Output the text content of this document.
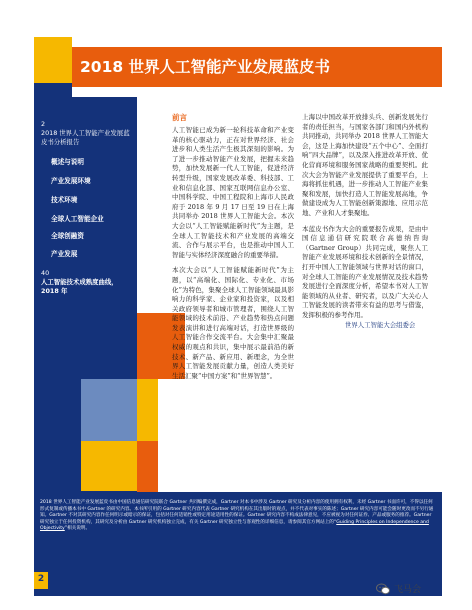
2018 世界人工智能产业发展蓝皮书
2
2018 世界人工智能产业发展蓝皮书分析报告
概述与说明
产业发展环境
技术环境
全球人工智能企业
全球创融资
产业发展
40
人工智能技术成熟度曲线，2018 年
前言
人工智能已成为新一轮科技革命和产业变革的核心驱动力，正在对世界经济、社会进步和人类生活产生极其深刻的影响。为了进一步推动智能产业发展，把握未来趋势，加快发展新一代人工智能，促进经济转型升级，国家发展改革委、科技部、工业和信息化部、国家互联网信息办公室、中国科学院、中国工程院和上海市人民政府于 2018 年 9 月 17 日至 19 日在上海共同举办 2018 世界人工智能大会。本次大会以“人工智能赋能新时代”为主题，是全球人工智能技术和产业发展的高端交流、合作与展示平台，也是推动中国人工智能与实体经济深度融合的重要举措。
本次大会以“人工智能赋能新时代”为主题，以“高端化、国际化、专业化、市场化”为特色，集聚全球人工智能领域最具影响力的科学家、企业家和投资家，以及相关政府领导者和城市管理者，围绕人工智能领域的技术前沿、产业趋势和热点问题发表演讲和进行高端对话，打造世界级的人工智能合作交流平台。大会集中汇聚最权威的观点和共识，集中展示最前沿的新技术、新产品、新应用、新理念，为全世界人工智能发展贡献力量，创造人类美好生活汇聚“中国方案”和“世界智慧”。
上海以中国改革开放排头兵、创新发展先行者的责任担当，与国家各部门和国内外机构共同推动，共同举办 2018 世界人工智能大会，这是上海加快建设“五个中心”、全面打响“四大品牌”，以及深入推进改革开放、优化营商环境和服务国家战略的重要契机。此次大会为智能产业发展提供了重要平台，上海将抓住机遇，进一步推动人工智能产业集聚和发展，加快打造人工智能发展高地，争做建设成为人工智能创新策源地、应用示范地、产业和人才集聚地。
本蓝皮书作为大会的重要报告成果，是由中国信息通信研究院联合高德纳咨询（Gartner Group）共同完成，聚焦人工智能产业发展环境和技术创新的全景情况，打开中国人工智能领域与世界对话的窗口，对全球人工智能的产业发展情况及技术趋势发展进行全面深度分析，希望本书对人工智能领域的从业者、研究者，以及广大关心人工智能发展的读者带来有益的思考与借鉴，发挥积极的参考作用。
世界人工智能大会组委会
2018 世界人工智能产业发展蓝皮书由中国信息通信研究院联合 Gartner 共同编撰完成，Gartner 对本书中涉及 Gartner 研究及分析内容的使用拥有权利，未经 Gartner 书面许可，不得以任何形式复制或传播本书中 Gartner 的研究内容。本书所引用的 Gartner 研究内容代表 Gartner 研究机构在其出版时的观点，并不代表对事实的陈述；Gartner 研究内容可能会随时更改而不另行通知。Gartner 不对其研究内容作任何明示或暗示的保证，包括对任何适销性或特定用途适用性的保证。Gartner 研究内容不构成法律意见，不应被视为对任何证券、产品或服务的推荐。Gartner 研究独立于任何投资机构，其研究及分析由 Gartner 研究机构独立完成，有关 Gartner 研究独立性与客观性的详细信息，请参阅其官方网站上的“Guiding Principles on Independence and Objectivity”相关说明。
2
飞马会
